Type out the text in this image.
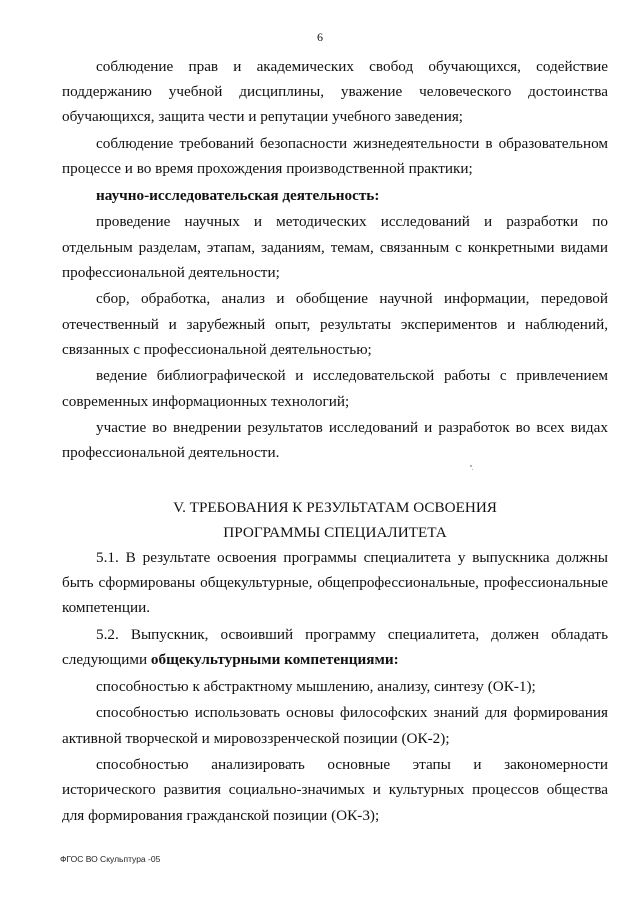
6

соблюдение прав и академических свобод обучающихся, содействие поддержанию учебной дисциплины, уважение человеческого достоинства обучающихся, защита чести и репутации учебного заведения;

соблюдение требований безопасности жизнедеятельности в образовательном процессе и во время прохождения производственной практики;

научно-исследовательская деятельность:

проведение научных и методических исследований и разработки по отдельным разделам, этапам, заданиям, темам, связанным с конкретными видами профессиональной деятельности;

сбор, обработка, анализ и обобщение научной информации, передовой отечественный и зарубежный опыт, результаты экспериментов и наблюдений, связанных с профессиональной деятельностью;

ведение библиографической и исследовательской работы с привлечением современных информационных технологий;

участие во внедрении результатов исследований и разработок во всех видах профессиональной деятельности.

V. ТРЕБОВАНИЯ К РЕЗУЛЬТАТАМ ОСВОЕНИЯ
ПРОГРАММЫ СПЕЦИАЛИТЕТА

5.1. В результате освоения программы специалитета у выпускника должны быть сформированы общекультурные, общепрофессиональные, профессиональные компетенции.

5.2. Выпускник, освоивший программу специалитета, должен обладать следующими общекультурными компетенциями:

способностью к абстрактному мышлению, анализу, синтезу (ОК-1);

способностью использовать основы философских знаний для формирования активной творческой и мировоззренческой позиции (ОК-2);

способностью анализировать основные этапы и закономерности исторического развития социально-значимых и культурных процессов общества для формирования гражданской позиции (ОК-3);

ФГОС ВО Скульптура -05
